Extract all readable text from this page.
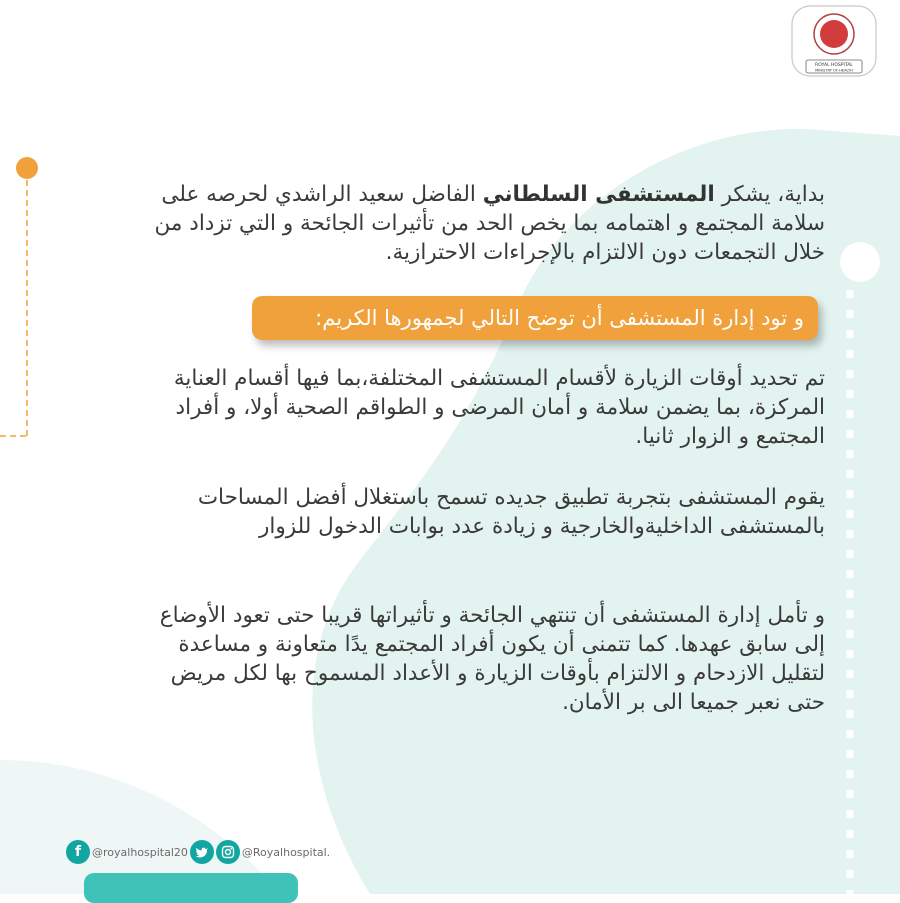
ROYAL HOSPITAL
MINISTRY OF HEALTH

بداية، يشكر المستشفى السلطاني الفاضل سعيد الراشدي لحرصه على سلامة المجتمع و اهتمامه بما يخص الحد من تأثيرات الجائحة و التي تزداد من خلال التجمعات دون الالتزام بالإجراءات الاحترازية.

و تود إدارة المستشفى أن توضح التالي لجمهورها الكريم:

تم تحديد أوقات الزيارة لأقسام المستشفى المختلفة،بما فيها أقسام العناية المركزة، بما يضمن سلامة و أمان المرضى و الطواقم الصحية أولا، و أفراد المجتمع و الزوار ثانيا.

يقوم المستشفى بتجربة تطبيق جديده تسمح باستغلال أفضل المساحات بالمستشفى الداخليةوالخارجية و زيادة عدد بوابات الدخول للزوار

و تأمل إدارة المستشفى أن تنتهي الجائحة و تأثيراتها قريبا حتى تعود الأوضاع إلى سابق عهدها. كما تتمنى أن يكون أفراد المجتمع يدًا متعاونة و مساعدة لتقليل الازدحام و الالتزام بأوقات الزيارة و الأعداد المسموح بها لكل مريض حتى نعبر جميعا الى بر الأمان.

f @royalhospital20	@Royalhospital.
